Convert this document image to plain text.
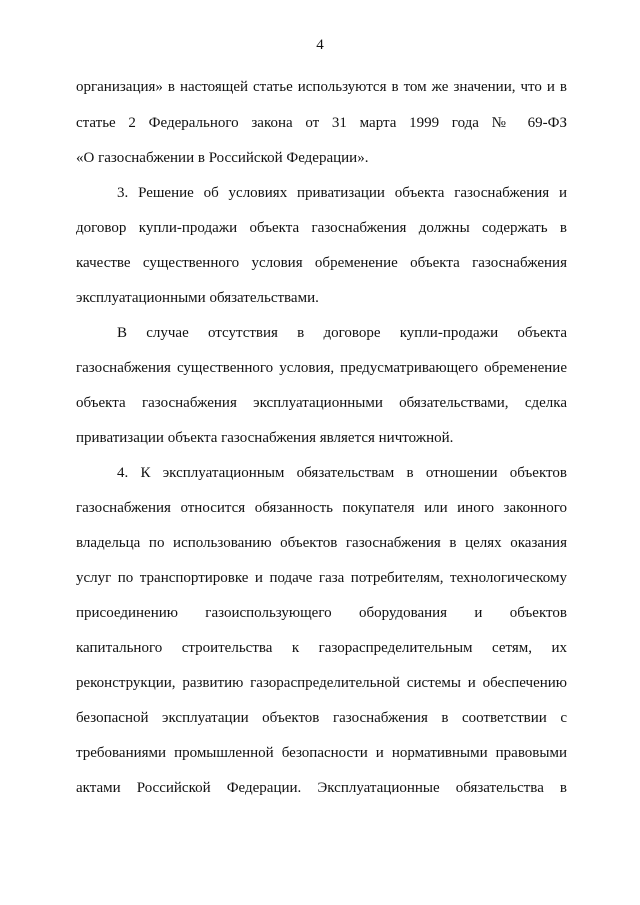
4
организация» в настоящей статье используются в том же значении, что и в
статье 2 Федерального закона от 31 марта 1999 года № 69-ФЗ
«О газоснабжении в Российской Федерации».
3. Решение об условиях приватизации объекта газоснабжения и
договор купли-продажи объекта газоснабжения должны содержать в
качестве существенного условия обременение объекта газоснабжения
эксплуатационными обязательствами.
В случае отсутствия в договоре купли-продажи объекта
газоснабжения существенного условия, предусматривающего обременение
объекта газоснабжения эксплуатационными обязательствами, сделка
приватизации объекта газоснабжения является ничтожной.
4. К эксплуатационным обязательствам в отношении объектов
газоснабжения относится обязанность покупателя или иного законного
владельца по использованию объектов газоснабжения в целях оказания
услуг по транспортировке и подаче газа потребителям, технологическому
присоединению газоиспользующего оборудования и объектов
капитального строительства к газораспределительным сетям, их
реконструкции, развитию газораспределительной системы и обеспечению
безопасной эксплуатации объектов газоснабжения в соответствии с
требованиями промышленной безопасности и нормативными правовыми
актами Российской Федерации. Эксплуатационные обязательства в
